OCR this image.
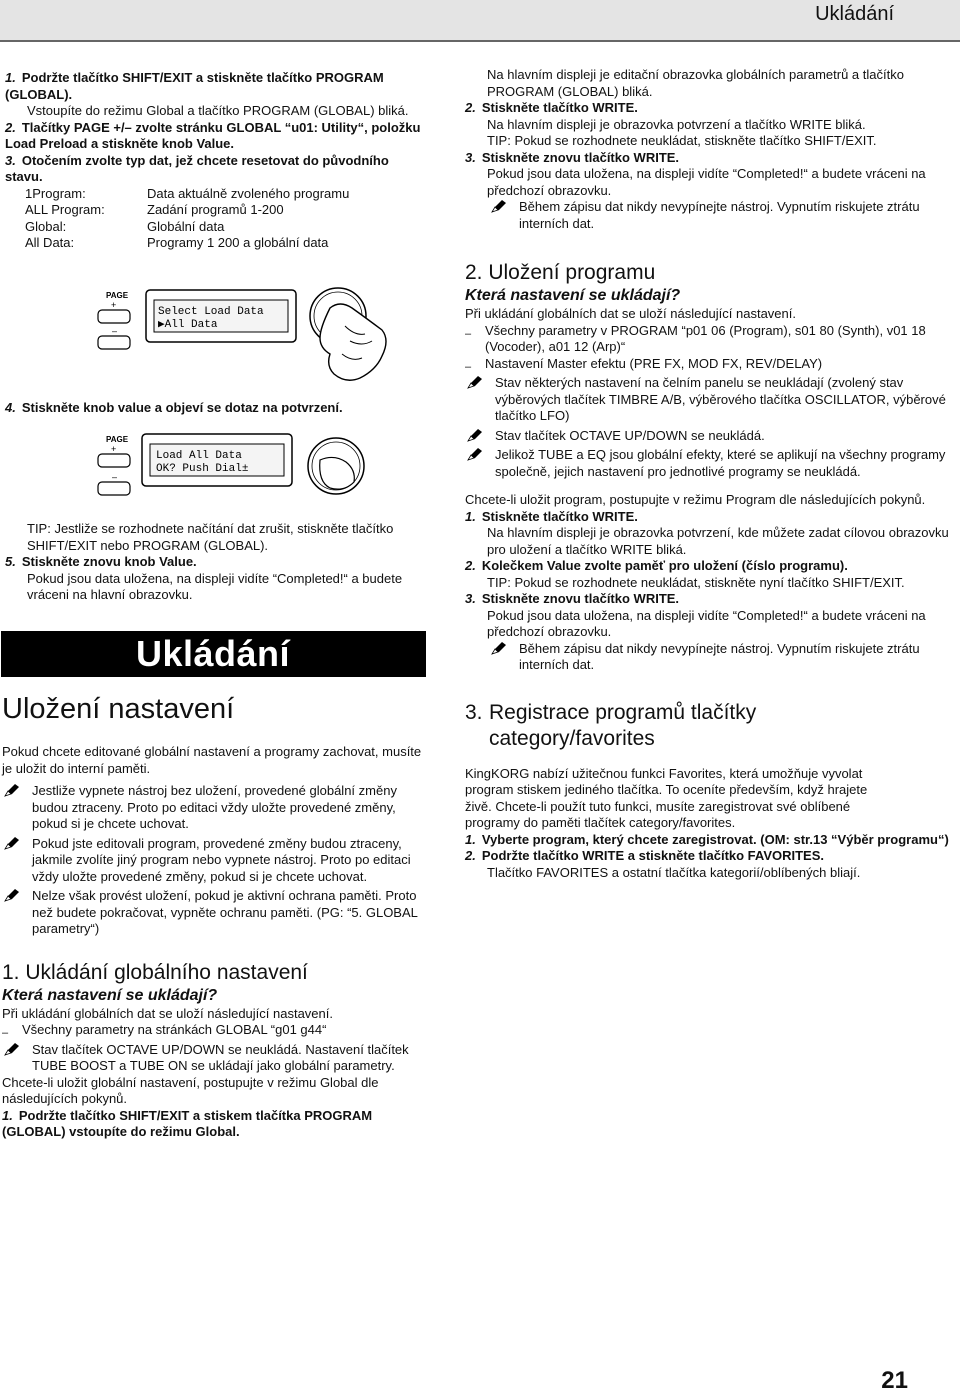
Ukládání

1. Podržte tlačítko SHIFT/EXIT a stiskněte tlačítko PROGRAM (GLOBAL).

Vstoupíte do režimu Global a tlačítko PROGRAM (GLOBAL) bliká.

2. Tlačítky PAGE +/– zvolte stránku GLOBAL “u01: Utility“, položku Load Preload a stiskněte knob Value.

3. Otočením zvolte typ dat, jež chcete resetovat do původního stavu.

1Program:	Data aktuálně zvoleného programu
ALL Program:	Zadání programů 1-200
Global:	Globální data
All Data:	Programy 1 200 a globální data
PAGE
+
–
Select Load Data
▶All Data

4. Stiskněte knob value a objeví se dotaz na potvrzení.

PAGE
+
–
Load All Data
OK? Push Dial±

TIP: Jestliže se rozhodnete načítání dat zrušit, stiskněte tlačítko SHIFT/EXIT nebo PROGRAM (GLOBAL).

5. Stiskněte znovu knob Value.

Pokud jsou data uložena, na displeji vidíte “Completed!“ a budete vráceni na hlavní obrazovku.

Ukládání

Uložení nastavení

Pokud chcete editované globální nastavení a programy zachovat, musíte je uložit do interní paměti.

Jestliže vypnete nástroj bez uložení, provedené globální změny budou ztraceny. Proto po editaci vždy uložte provedené změny, pokud si je chcete uchovat.

Pokud jste editovali program, provedené změny budou ztraceny, jakmile zvolíte jiný program nebo vypnete nástroj. Proto po editaci vždy uložte provedené změny, pokud si je chcete uchovat.

Nelze však provést uložení, pokud je aktivní ochrana paměti. Proto než budete pokračovat, vypněte ochranu paměti. (PG: “5. GLOBAL parametry“)

1. Ukládání globálního nastavení

Která nastavení se ukládají?

Při ukládání globálních dat se uloží následující nastavení.

– Všechny parametry na stránkách GLOBAL “g01 g44“

Stav tlačítek OCTAVE UP/DOWN se neukládá. Nastavení tlačítek TUBE BOOST a TUBE ON se ukládají jako globální parametry.

Chcete-li uložit globální nastavení, postupujte v režimu Global dle následujících pokynů.

1. Podržte tlačítko SHIFT/EXIT a stiskem tlačítka PROGRAM (GLOBAL) vstoupíte do režimu Global.

Na hlavním displeji je editační obrazovka globálních parametrů a tlačítko PROGRAM (GLOBAL) bliká.

2. Stiskněte tlačítko WRITE.

Na hlavním displeji je obrazovka potvrzení a tlačítko WRITE bliká.

TIP: Pokud se rozhodnete neukládat, stiskněte tlačítko SHIFT/EXIT.

3. Stiskněte znovu tlačítko WRITE.

Pokud jsou data uložena, na displeji vidíte “Completed!“ a budete vráceni na předchozí obrazovku.

Během zápisu dat nikdy nevypínejte nástroj. Vypnutím riskujete ztrátu interních dat.

2. Uložení programu

Která nastavení se ukládají?

Při ukládání globálních dat se uloží následující nastavení.

– Všechny parametry v PROGRAM “p01 06 (Program), s01 80 (Synth), v01 18 (Vocoder), a01 12 (Arp)“

– Nastavení Master efektu (PRE FX, MOD FX, REV/DELAY)

Stav některých nastavení na čelním panelu se neukládají (zvolený stav výběrových tlačítek TIMBRE A/B, výběrového tlačítka OSCILLATOR, výběrové tlačítko LFO)

Stav tlačítek OCTAVE UP/DOWN se neukládá.

Jelikož TUBE a EQ jsou globální efekty, které se aplikují na všechny programy společně, jejich nastavení pro jednotlivé programy se neukládá.

Chcete-li uložit program, postupujte v režimu Program dle následujících pokynů.

1. Stiskněte tlačítko WRITE.

Na hlavním displeji je obrazovka potvrzení, kde můžete zadat cílovou obrazovku pro uložení a tlačítko WRITE bliká.

2. Kolečkem Value zvolte paměť pro uložení (číslo programu).

TIP: Pokud se rozhodnete neukládat, stiskněte nyní tlačítko SHIFT/EXIT.

3. Stiskněte znovu tlačítko WRITE.

Pokud jsou data uložena, na displeji vidíte “Completed!“ a budete vráceni na předchozí obrazovku.

Během zápisu dat nikdy nevypínejte nástroj. Vypnutím riskujete ztrátu interních dat.

3. Registrace programů tlačítky category/favorites

KingKORG nabízí užitečnou funkci Favorites, která umožňuje vyvolat program stiskem jediného tlačítka. To oceníte především, když hrajete živě. Chcete-li použít tuto funkci, musíte zaregistrovat své oblíbené programy do paměti tlačítek category/favorites.

1. Vyberte program, který chcete zaregistrovat. (OM: str.13 “Výběr programu“)

2. Podržte tlačítko WRITE a stiskněte tlačítko FAVORITES.

Tlačítko FAVORITES a ostatní tlačítka kategorií/oblíbených bliají.

21
